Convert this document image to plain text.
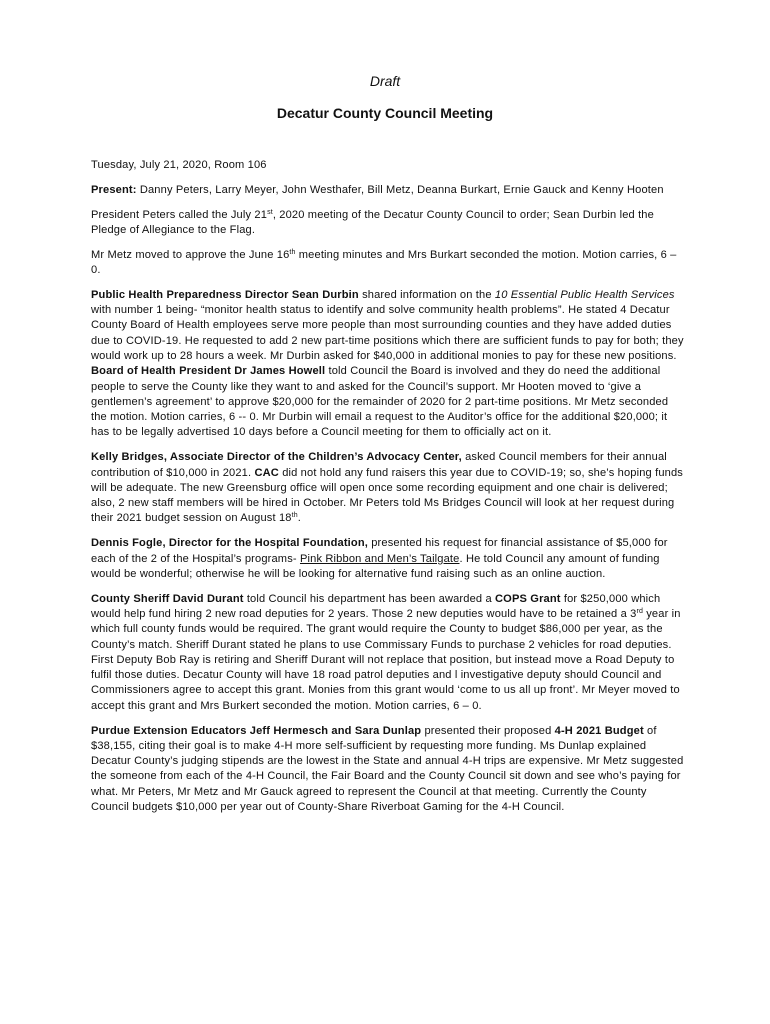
Draft
Decatur County Council Meeting

Tuesday, July 21, 2020, Room 106

Present: Danny Peters, Larry Meyer, John Westhafer, Bill Metz, Deanna Burkart, Ernie Gauck and Kenny Hooten

President Peters called the July 21st, 2020 meeting of the Decatur County Council to order; Sean Durbin led the Pledge of Allegiance to the Flag.

Mr Metz moved to approve the June 16th meeting minutes and Mrs Burkart seconded the motion. Motion carries, 6 – 0.

Public Health Preparedness Director Sean Durbin shared information on the 10 Essential Public Health Services with number 1 being- “monitor health status to identify and solve community health problems”. He stated 4 Decatur County Board of Health employees serve more people than most surrounding counties and they have added duties due to COVID-19. He requested to add 2 new part-time positions which there are sufficient funds to pay for both; they would work up to 28 hours a week. Mr Durbin asked for $40,000 in additional monies to pay for these new positions. Board of Health President Dr James Howell told Council the Board is involved and they do need the additional people to serve the County like they want to and asked for the Council’s support. Mr Hooten moved to ‘give a gentlemen’s agreement’ to approve $20,000 for the remainder of 2020 for 2 part-time positions. Mr Metz seconded the motion. Motion carries, 6 -- 0. Mr Durbin will email a request to the Auditor’s office for the additional $20,000; it has to be legally advertised 10 days before a Council meeting for them to officially act on it.

Kelly Bridges, Associate Director of the Children’s Advocacy Center, asked Council members for their annual contribution of $10,000 in 2021. CAC did not hold any fund raisers this year due to COVID-19; so, she’s hoping funds will be adequate. The new Greensburg office will open once some recording equipment and one chair is delivered; also, 2 new staff members will be hired in October. Mr Peters told Ms Bridges Council will look at her request during their 2021 budget session on August 18th.

Dennis Fogle, Director for the Hospital Foundation, presented his request for financial assistance of $5,000 for each of the 2 of the Hospital’s programs- Pink Ribbon and Men’s Tailgate. He told Council any amount of funding would be wonderful; otherwise he will be looking for alternative fund raising such as an online auction.

County Sheriff David Durant told Council his department has been awarded a COPS Grant for $250,000 which would help fund hiring 2 new road deputies for 2 years. Those 2 new deputies would have to be retained a 3rd year in which full county funds would be required. The grant would require the County to budget $86,000 per year, as the County’s match. Sheriff Durant stated he plans to use Commissary Funds to purchase 2 vehicles for road deputies. First Deputy Bob Ray is retiring and Sheriff Durant will not replace that position, but instead move a Road Deputy to fulfil those duties. Decatur County will have 18 road patrol deputies and l investigative deputy should Council and Commissioners agree to accept this grant. Monies from this grant would ‘come to us all up front’. Mr Meyer moved to accept this grant and Mrs Burkert seconded the motion. Motion carries, 6 – 0.

Purdue Extension Educators Jeff Hermesch and Sara Dunlap presented their proposed 4-H 2021 Budget of $38,155, citing their goal is to make 4-H more self-sufficient by requesting more funding. Ms Dunlap explained Decatur County’s judging stipends are the lowest in the State and annual 4-H trips are expensive. Mr Metz suggested the someone from each of the 4-H Council, the Fair Board and the County Council sit down and see who’s paying for what. Mr Peters, Mr Metz and Mr Gauck agreed to represent the Council at that meeting. Currently the County Council budgets $10,000 per year out of County-Share Riverboat Gaming for the 4-H Council.
